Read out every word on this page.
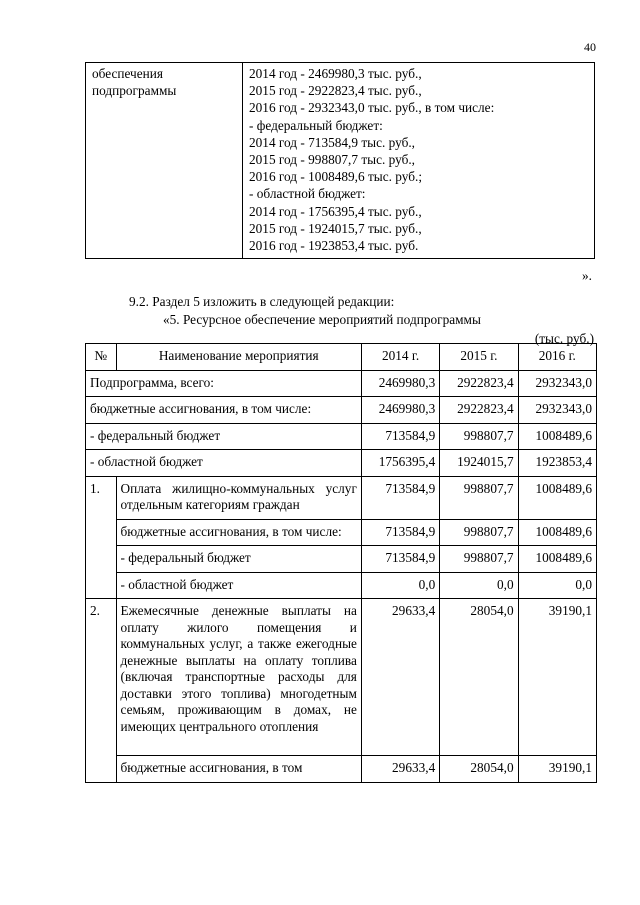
40
обеспечения
подпрограммы

2014 год - 2469980,3 тыс. руб.,
2015 год - 2922823,4 тыс. руб.,
2016 год - 2932343,0 тыс. руб., в том числе:
- федеральный бюджет:
2014 год - 713584,9 тыс. руб.,
2015 год - 998807,7 тыс. руб.,
2016 год - 1008489,6 тыс. руб.;
- областной бюджет:
2014 год - 1756395,4 тыс. руб.,
2015 год - 1924015,7 тыс. руб.,
2016 год - 1923853,4 тыс. руб.
».
9.2. Раздел 5 изложить в следующей редакции:
«5. Ресурсное обеспечение мероприятий подпрограммы
(тыс. руб.)
№	Наименование мероприятия	2014 г.	2015 г.	2016 г.
Подпрограмма, всего:		2469980,3	2922823,4	2932343,0
бюджетные ассигнования, в том числе:		2469980,3	2922823,4	2932343,0
- федеральный бюджет		713584,9	998807,7	1008489,6
- областной бюджет		1756395,4	1924015,7	1923853,4
1.	Оплата жилищно-коммунальных услуг отдельным категориям граждан	713584,9	998807,7	1008489,6
	бюджетные ассигнования, в том числе:	713584,9	998807,7	1008489,6
	- федеральный бюджет	713584,9	998807,7	1008489,6
	- областной бюджет	0,0	0,0	0,0
2.	Ежемесячные денежные выплаты на оплату жилого помещения и коммунальных услуг, а также ежегодные денежные выплаты на оплату топлива (включая транспортные расходы для доставки этого топлива) многодетным семьям, проживающим в домах, не имеющих центрального отопления	29633,4	28054,0	39190,1
	бюджетные ассигнования, в том	29633,4	28054,0	39190,1
